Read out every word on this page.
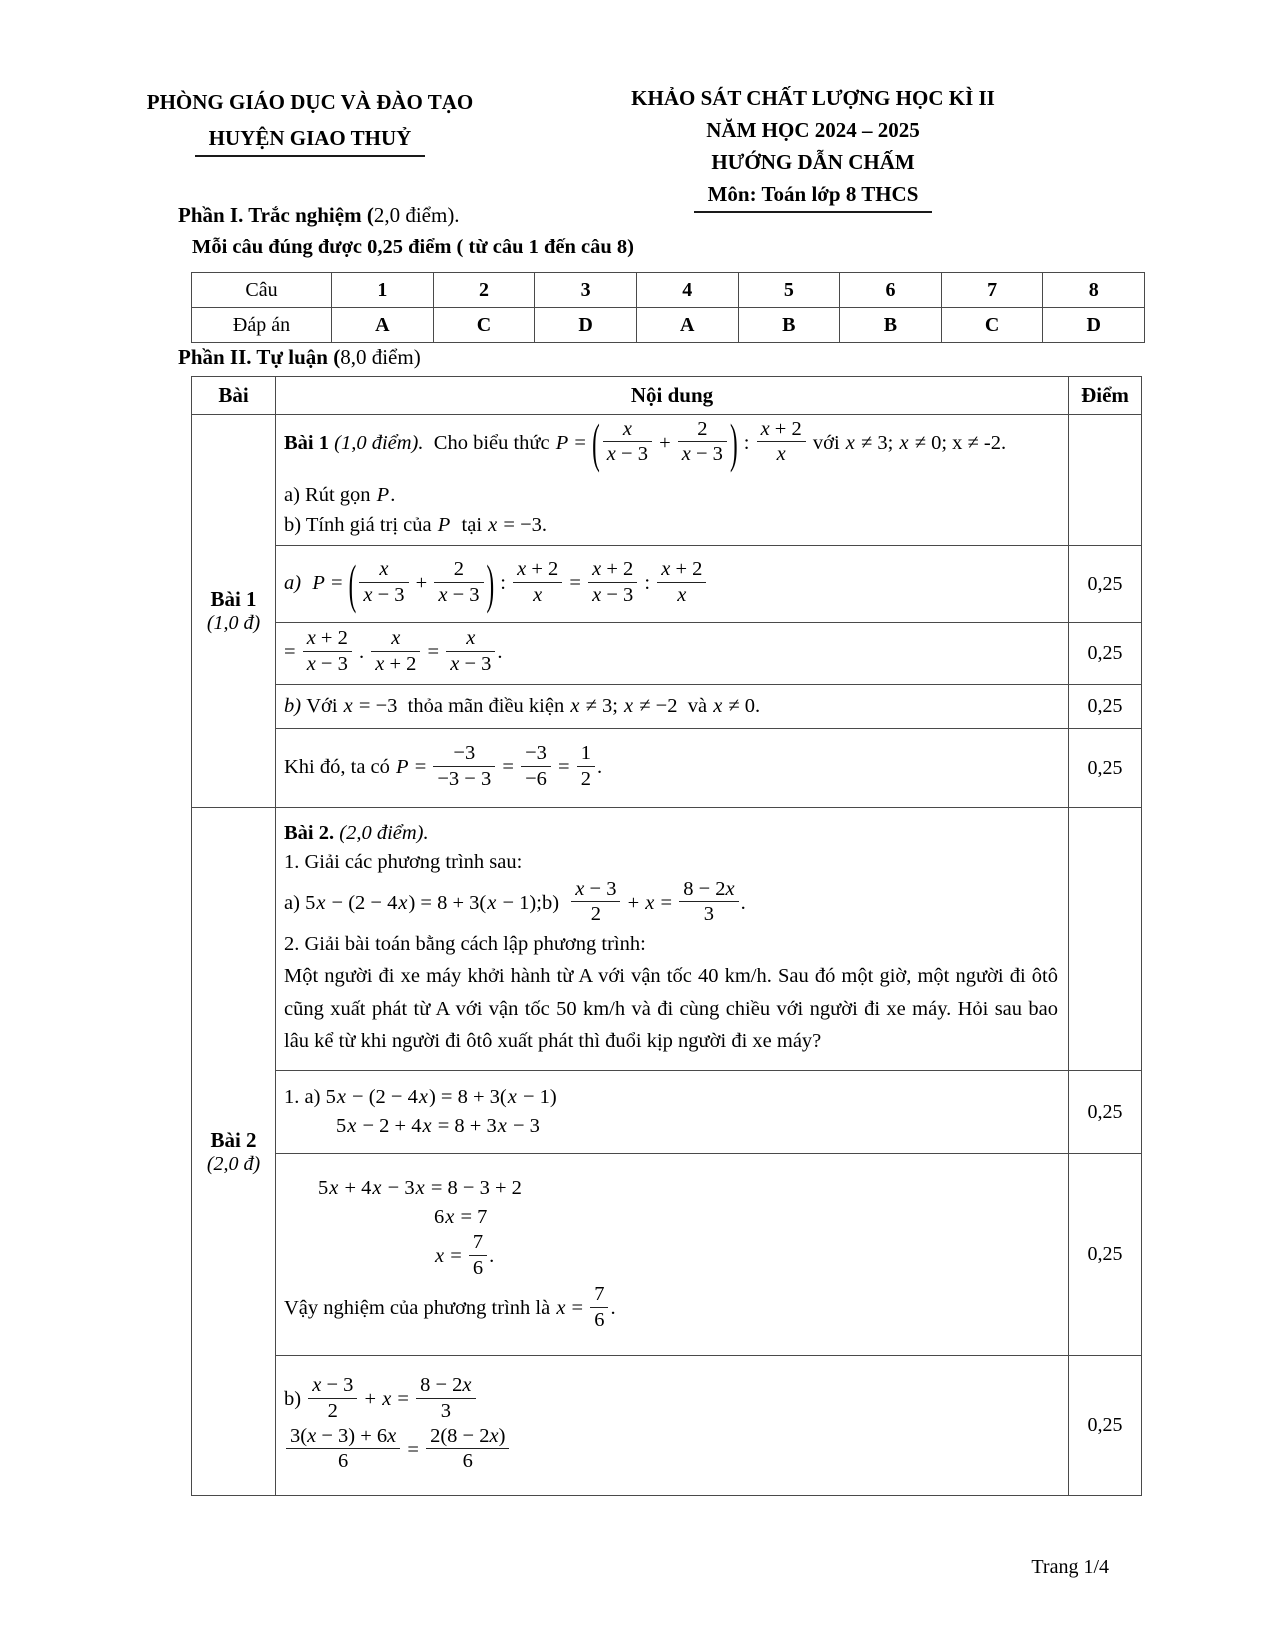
PHÒNG GIÁO DỤC VÀ ĐÀO TẠO
HUYỆN GIAO THUỶ
KHẢO SÁT CHẤT LƯỢNG HỌC KÌ II
NĂM HỌC 2024 – 2025
HƯỚNG DẪN CHẤM
Môn: Toán lớp 8 THCS
Phần I. Trắc nghiệm (2,0 điểm).
Mỗi câu đúng được 0,25 điểm ( từ câu 1 đến câu 8)
Câu	1	2	3	4	5	6	7	8
Đáp án	A	C	D	A	B	B	C	D
Phần II. Tự luận (8,0 điểm)
Bài	Nội dung	Điểm

Bài 1
(1,0 đ)

Bài 1 (1,0 điểm).  Cho biểu thức P = ( $\frac{x}{x - 3} + \frac{2}{x - 3}$ ) : $\frac{x + 2}{x}$ với x ≠ 3; x ≠ 0; x ≠ -2.
a) Rút gọn P.
b) Tính giá trị của P  tại x = −3.

a)  P = ( $\frac{x}{x - 3} + \frac{2}{x - 3}$ ) : $\frac{x + 2}{x} = \frac{x + 2}{x - 3}$ : $\frac{x + 2}{x}$	0,25

= $\frac{x + 2}{x - 3}$ . $\frac{x}{x + 2} = \frac{x}{x - 3}$ .	0,25

	b) Với x = −3  thỏa mãn điều kiện x ≠ 3; x ≠ −2  và x ≠ 0.	0,25

Khi đó, ta có $P = \frac{-3}{-3 - 3} = \frac{-3}{-6} = \frac{1}{2}$ .	0,25

Bài 2
(2,0 đ)

Bài 2. (2,0 điểm).
1. Giải các phương trình sau:
a) 5x − (2 − 4x) = 8 + 3(x − 1);b) $\frac{x - 3}{2} + x = \frac{8 - 2x}{3}$ .
2. Giải bài toán bằng cách lập phương trình:
Một người đi xe máy khởi hành từ A với vận tốc 40 km/h. Sau đó một giờ, một người đi ôtô cũng xuất phát từ A với vận tốc 50 km/h và đi cùng chiều với người đi xe máy. Hỏi sau bao lâu kể từ khi người đi ôtô xuất phát thì đuổi kịp người đi xe máy?

	1. a) 5x − (2 − 4x) = 8 + 3(x − 1)
5x − 2 + 4x = 8 + 3x − 3	0,25

5x + 4x − 3x = 8 − 3 + 2
6x = 7
$x = \frac{7}{6}$ .
Vậy nghiệm của phương trình là $x = \frac{7}{6}$ .
	0,25

$b) \frac{x - 3}{2} + x = \frac{8 - 2x}{3}$
$\frac{3(x - 3) + 6x}{6} = \frac{2(8 - 2x)}{6}$	0,25
Trang 1/4
